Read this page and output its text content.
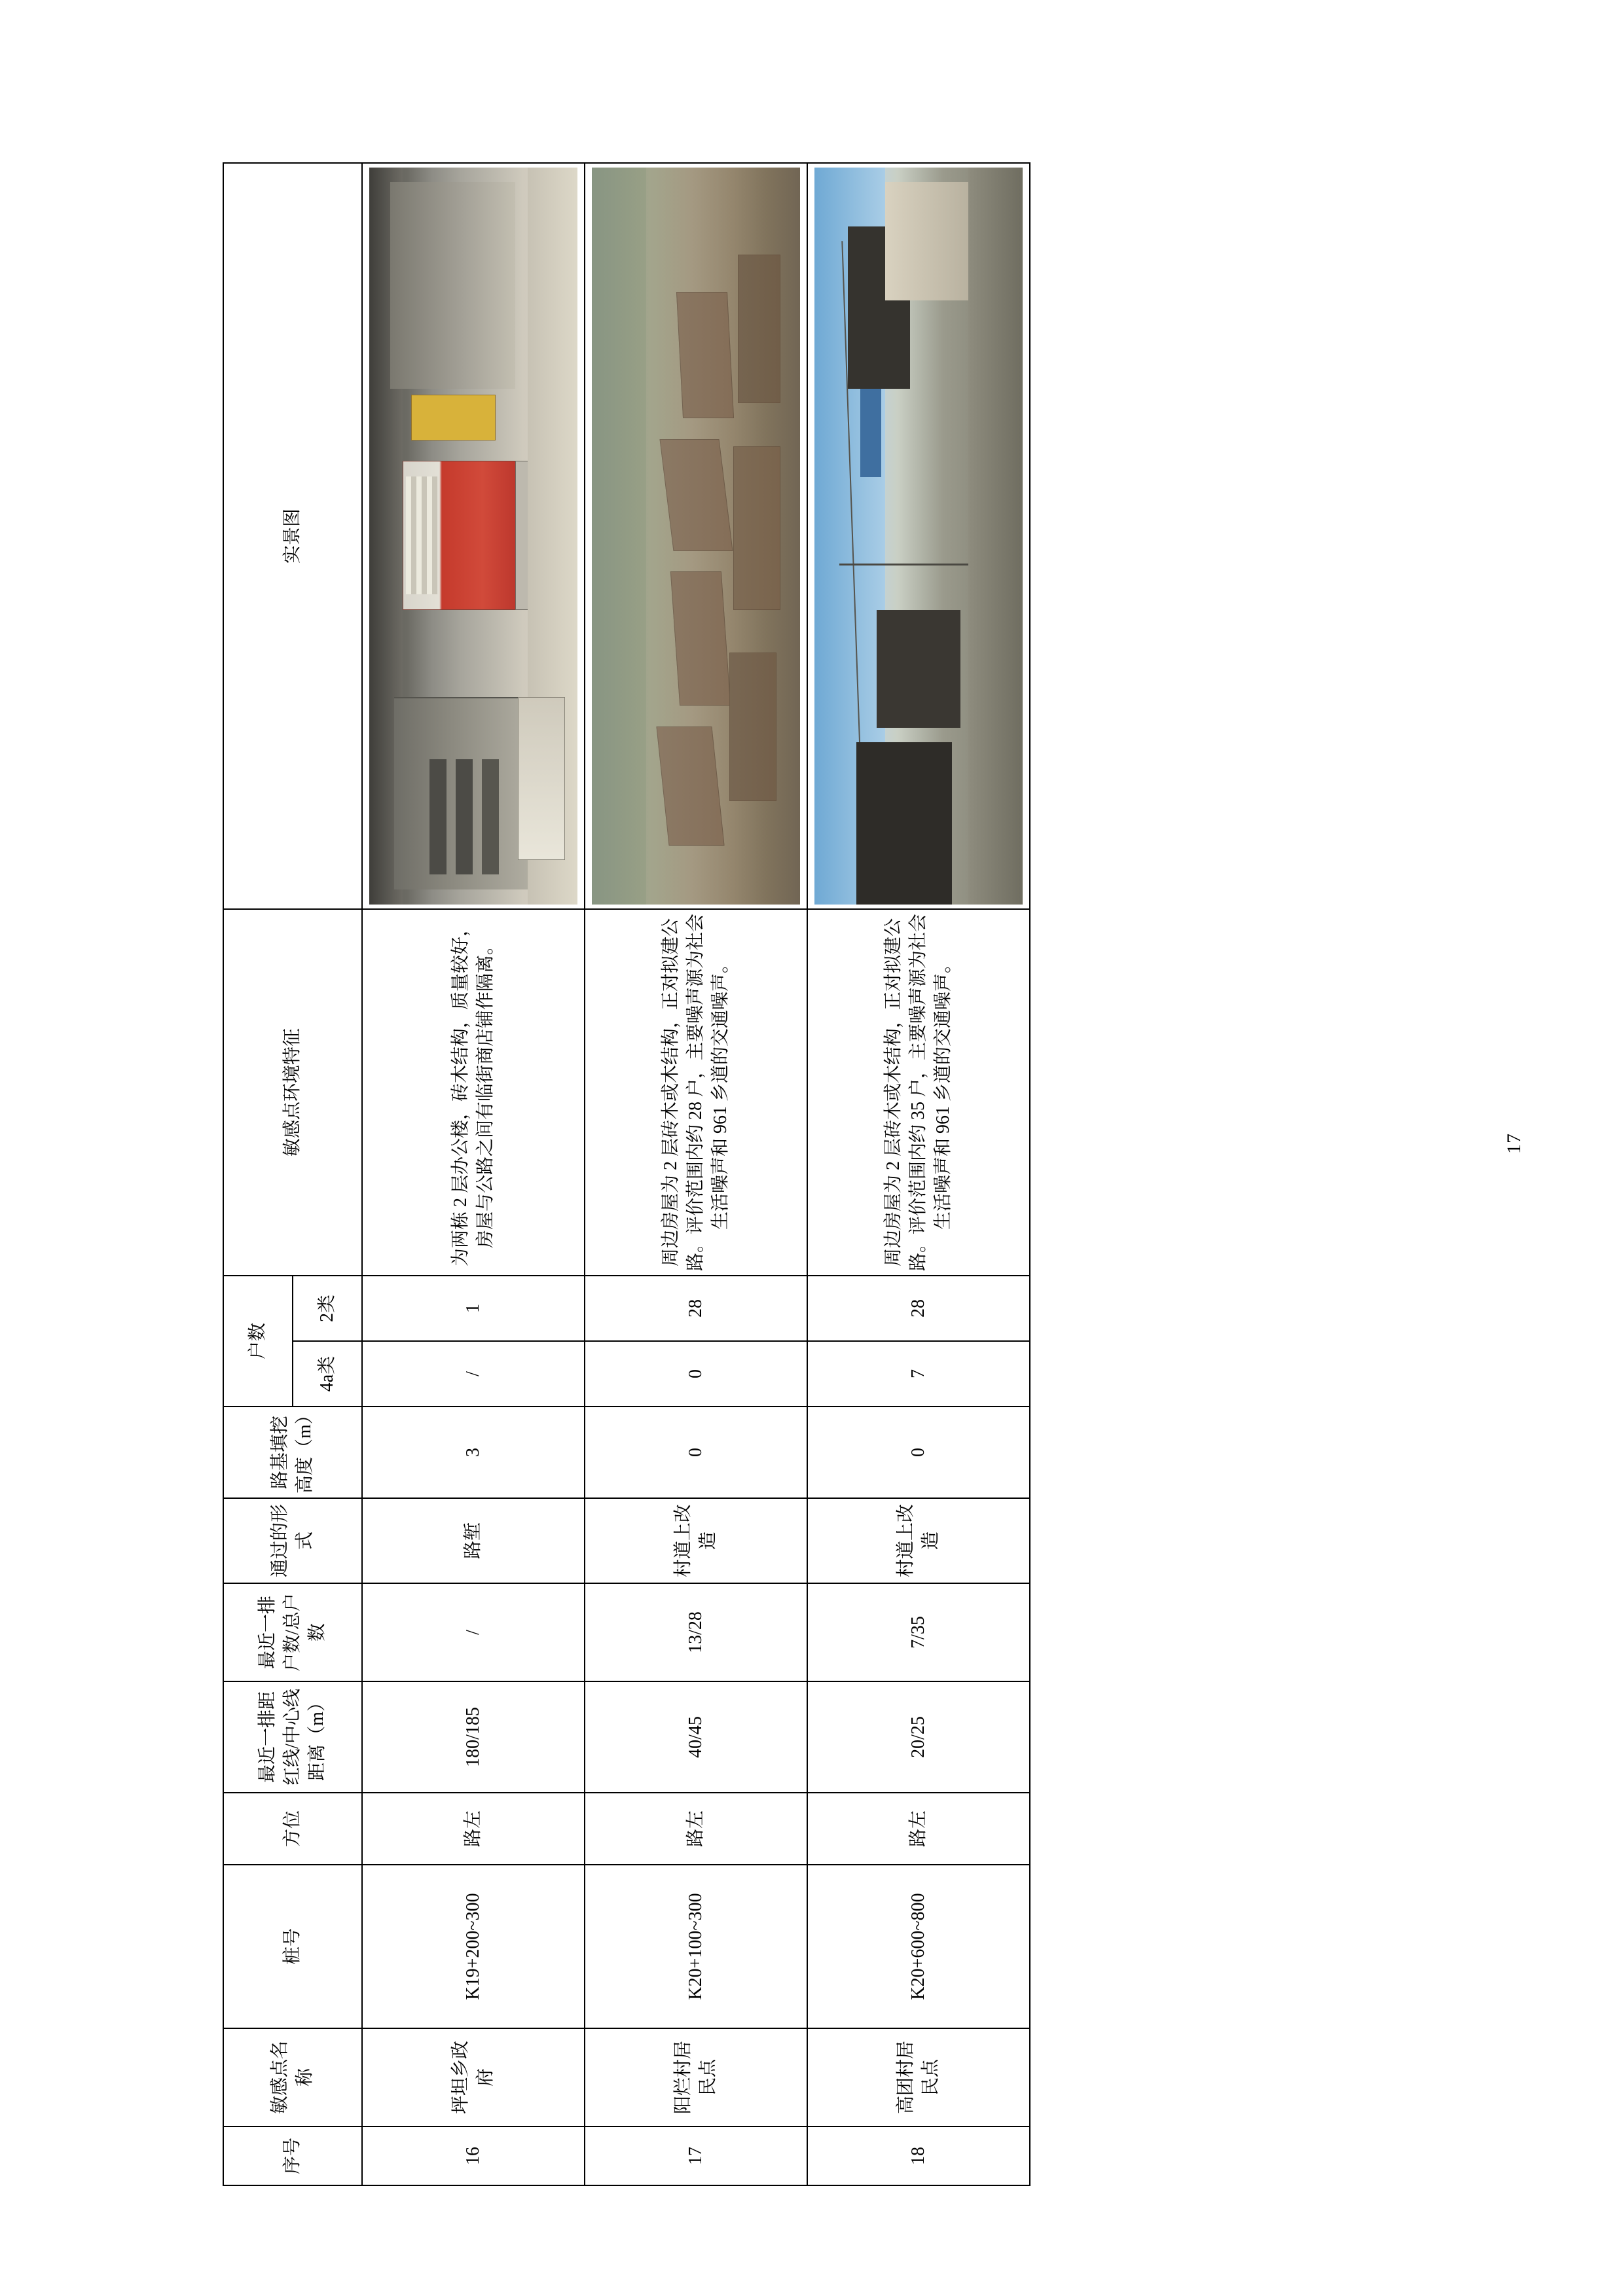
17
序号	敏感点名称	桩号	方位	最近一排距红线/中心线距离（m）	最近一排户数/总户数	通过的形式	路基填挖高度（m）	户数		敏感点环境特征	实景图
								4a类	2类		
16	坪坦乡政府	K19+200~300	路左	180/185	/	路堑	3	/	1	为两栋 2 层办公楼，砖木结构，质量较好，房屋与公路之间有临街商店铺作隔离。	

17	阳烂村居民点	K20+100~300	路左	40/45	13/28	村道上改造	0	0	28	周边房屋为 2 层砖木或木结构，正对拟建公路。评价范围内约 28 户，主要噪声源为社会生活噪声和 961 乡道的交通噪声。	

18	高团村居民点	K20+600~800	路左	20/25	7/35	村道上改造	0	7	28	周边房屋为 2 层砖木或木结构，正对拟建公路。评价范围内约 35 户，主要噪声源为社会生活噪声和 961 乡道的交通噪声。	
